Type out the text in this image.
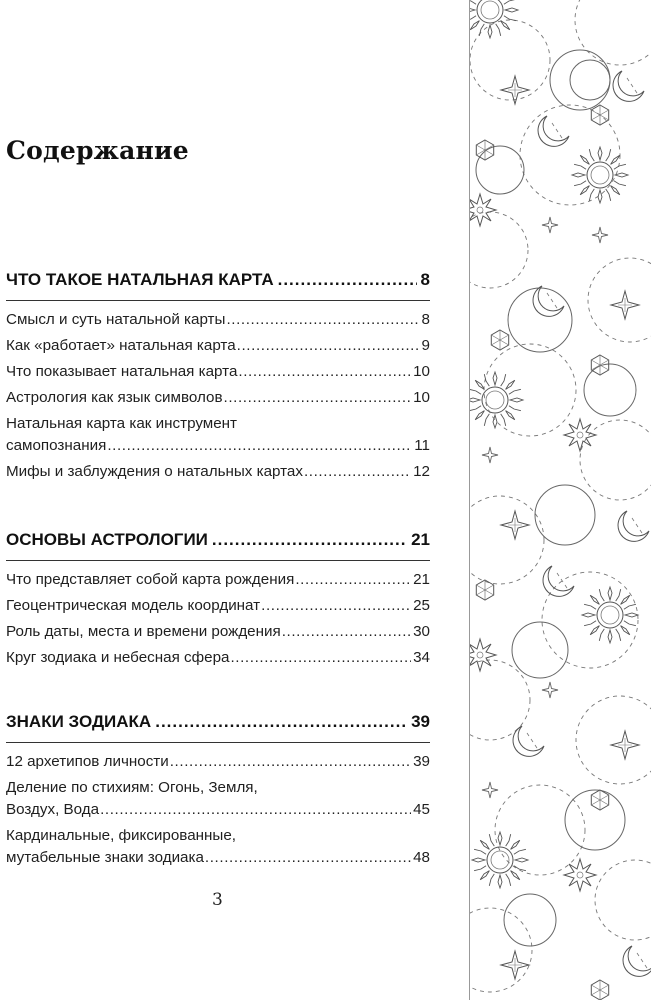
Содержание
ЧТО ТАКОЕ НАТАЛЬНАЯ КАРТА .....	8
Смысл и суть натальной карты .....	8
Как «работает» натальная карта .....	9
Что показывает натальная карта .....	10
Астрология как язык символов .....	10
Натальная карта как инструмент
самопознания .....	11
Мифы и заблуждения о натальных картах .....	12
ОСНОВЫ АСТРОЛОГИИ .....	21
Что представляет собой карта рождения .....	21
Геоцентрическая модель координат .....	25
Роль даты, места и времени рождения .....	30
Круг зодиака и небесная сфера .....	34
ЗНАКИ ЗОДИАКА .....	39
12 архетипов личности .....	39
Деление по стихиям: Огонь, Земля,
Воздух, Вода .....	45
Кардинальные, фиксированные,
мутабельные знаки зодиака .....	48
3
